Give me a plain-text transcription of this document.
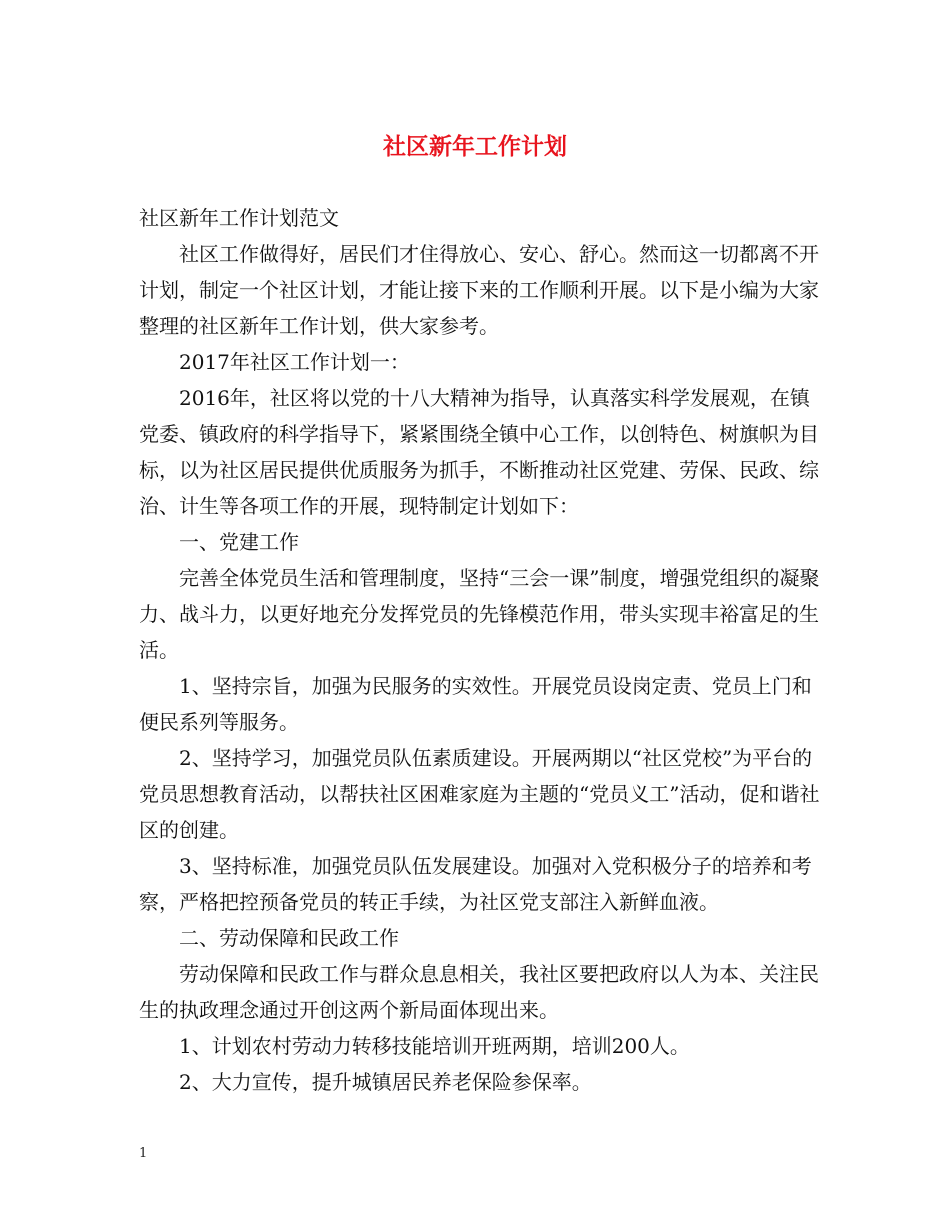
社区新年工作计划

社区新年工作计划范文

社区工作做得好，居民们才住得放心、安心、舒心。然而这一切都离不开计划，制定一个社区计划，才能让接下来的工作顺利开展。以下是小编为大家整理的社区新年工作计划，供大家参考。

2017年社区工作计划一：

2016年，社区将以党的十八大精神为指导，认真落实科学发展观，在镇党委、镇政府的科学指导下，紧紧围绕全镇中心工作，以创特色、树旗帜为目标，以为社区居民提供优质服务为抓手，不断推动社区党建、劳保、民政、综治、计生等各项工作的开展，现特制定计划如下：

一、党建工作

完善全体党员生活和管理制度，坚持“三会一课”制度，增强党组织的凝聚力、战斗力，以更好地充分发挥党员的先锋模范作用，带头实现丰裕富足的生活。

1、坚持宗旨，加强为民服务的实效性。开展党员设岗定责、党员上门和便民系列等服务。

2、坚持学习，加强党员队伍素质建设。开展两期以“社区党校”为平台的党员思想教育活动，以帮扶社区困难家庭为主题的“党员义工”活动，促和谐社区的创建。

3、坚持标准，加强党员队伍发展建设。加强对入党积极分子的培养和考察，严格把控预备党员的转正手续，为社区党支部注入新鲜血液。

二、劳动保障和民政工作

劳动保障和民政工作与群众息息相关，我社区要把政府以人为本、关注民生的执政理念通过开创这两个新局面体现出来。

1、计划农村劳动力转移技能培训开班两期，培训200人。

2、大力宣传，提升城镇居民养老保险参保率。

1
